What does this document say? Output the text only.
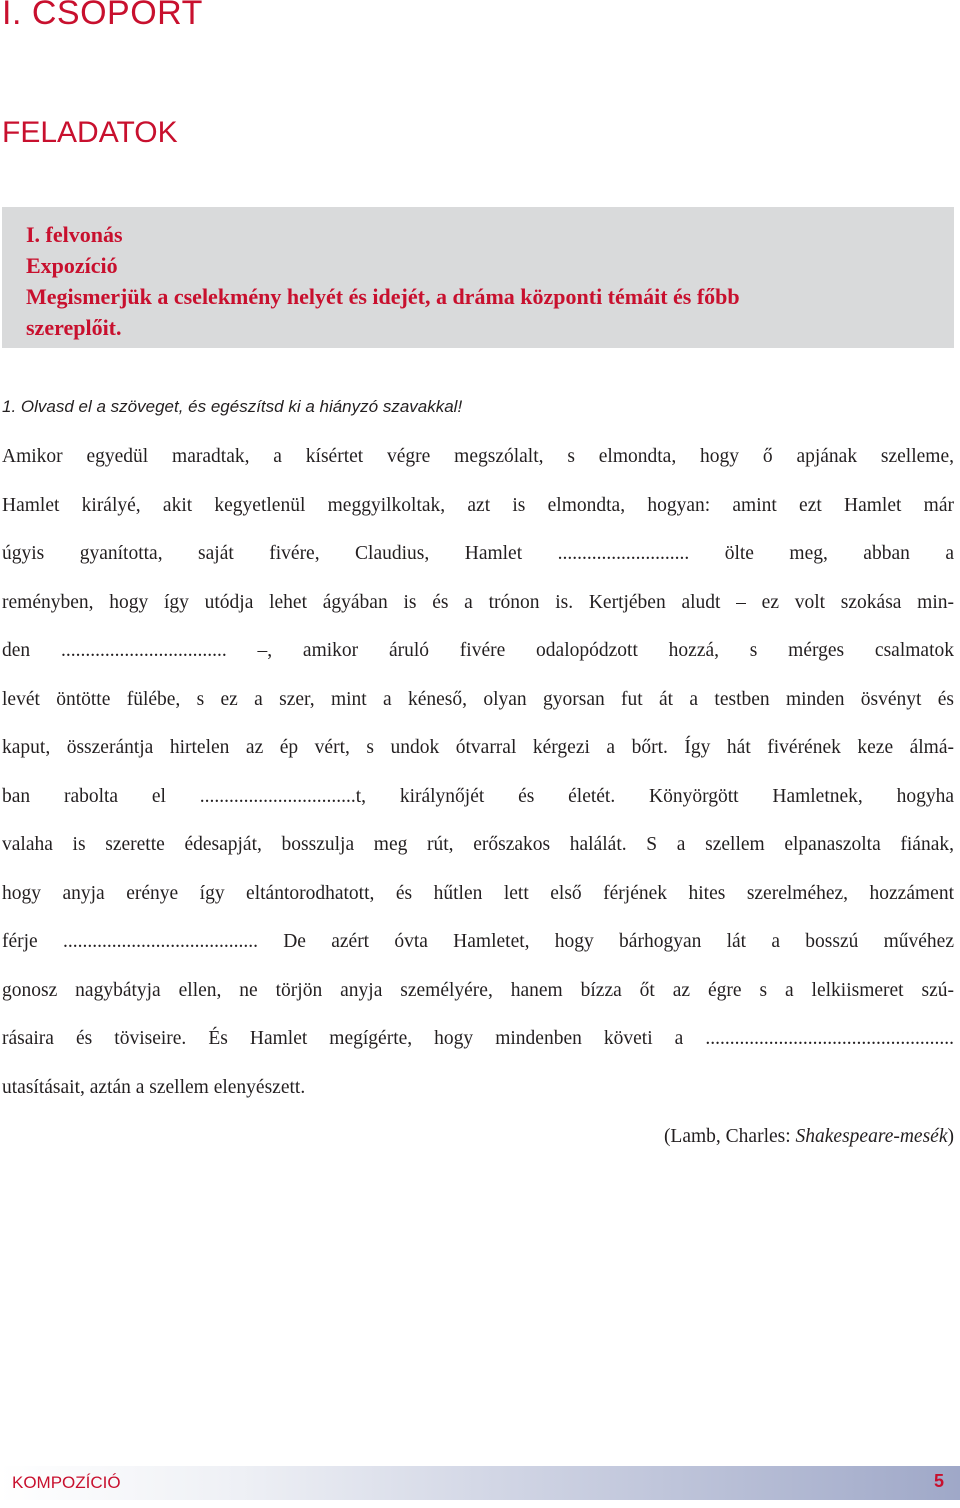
I. CSOPORT
FELADATOK
I. felvonás
Expozíció
Megismerjük a cselekmény helyét és idejét, a dráma központi témáit és főbb
szereplőit.

1. Olvasd el a szöveget, és egészítsd ki a hiányzó szavakkal!

Amikor egyedül maradtak, a kísértet végre megszólalt, s elmondta, hogy ő apjának szelleme,
Hamlet királyé, akit kegyetlenül meggyilkoltak, azt is elmondta, hogyan: amint ezt Hamlet már
úgyis gyanította, saját fivére, Claudius, Hamlet ........................... ölte meg, abban a
reményben, hogy így utódja lehet ágyában is és a trónon is. Kertjében aludt – ez volt szokása min-
den .................................. –, amikor áruló fivére odalopódzott hozzá, s mérges csalmatok
levét öntötte fülébe, s ez a szer, mint a kéneső, olyan gyorsan fut át a testben minden ösvényt és
kaput, összerántja hirtelen az ép vért, s undok ótvarral kérgezi a bőrt. Így hát fivérének keze álmá-
ban rabolta el ................................t, királynőjét és életét. Könyörgött Hamletnek, hogyha
valaha is szerette édesapját, bosszulja meg rút, erőszakos halálát. S a szellem elpanaszolta fiának,
hogy anyja erénye így eltántorodhatott, és hűtlen lett első férjének hites szerelméhez, hozzáment
férje ........................................ De azért óvta Hamletet, hogy bárhogyan lát a bosszú művéhez
gonosz nagybátyja ellen, ne törjön anyja személyére, hanem bízza őt az égre s a lelkiismeret szú-
rásaira és töviseire. És Hamlet megígérte, hogy mindenben követi a ...................................................
utasításait, aztán a szellem elenyészett.
(Lamb, Charles: Shakespeare-mesék)
KOMPOZÍCIÓ	5
